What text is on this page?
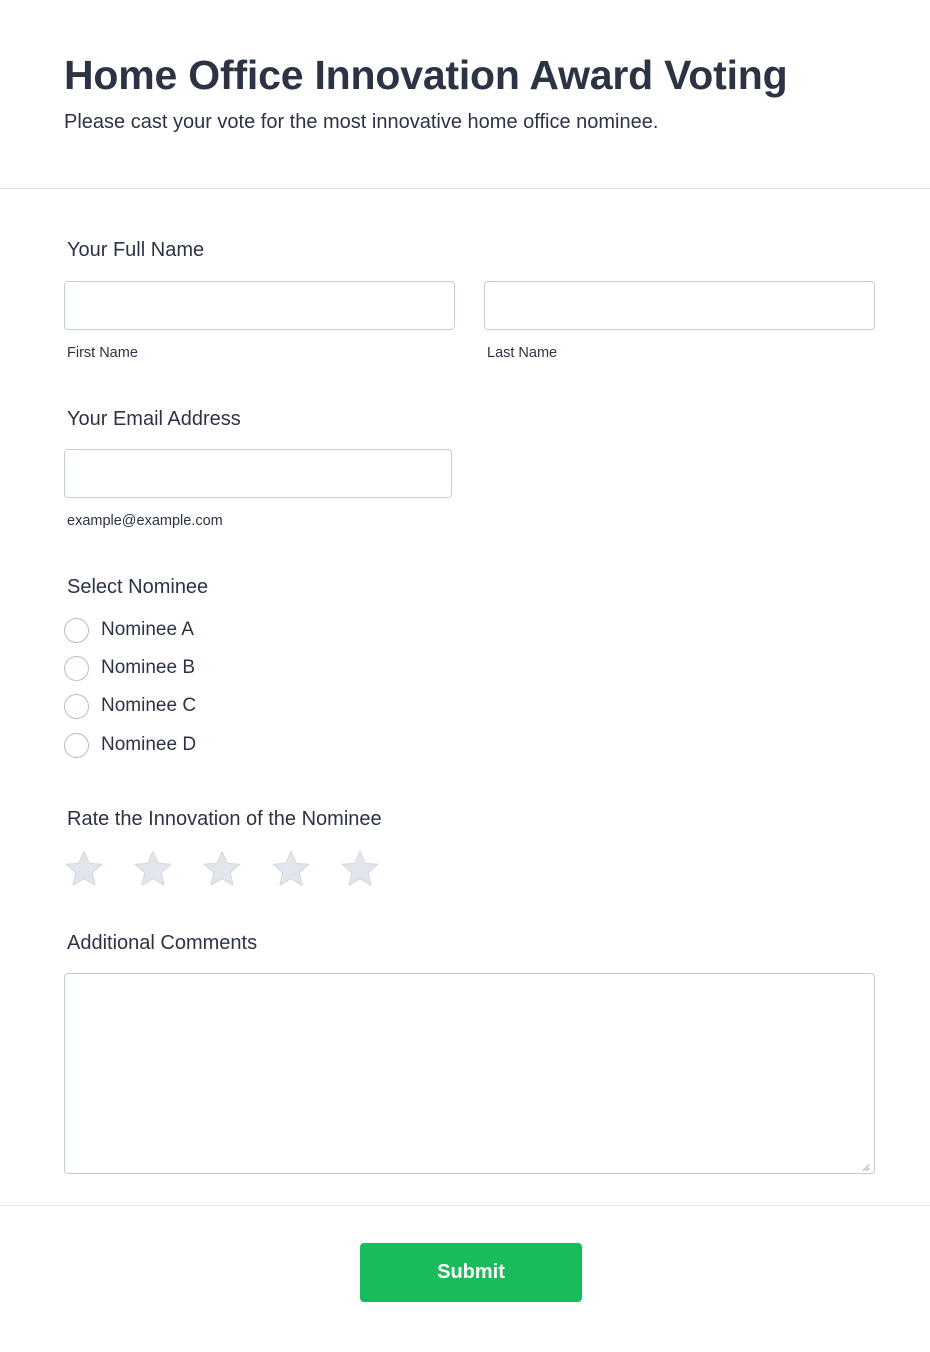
Home Office Innovation Award Voting
Please cast your vote for the most innovative home office nominee.
Your Full Name
First Name	Last Name
Your Email Address
example@example.com
Select Nominee
Nominee A
Nominee B
Nominee C
Nominee D
Rate the Innovation of the Nominee
Additional Comments
Submit
